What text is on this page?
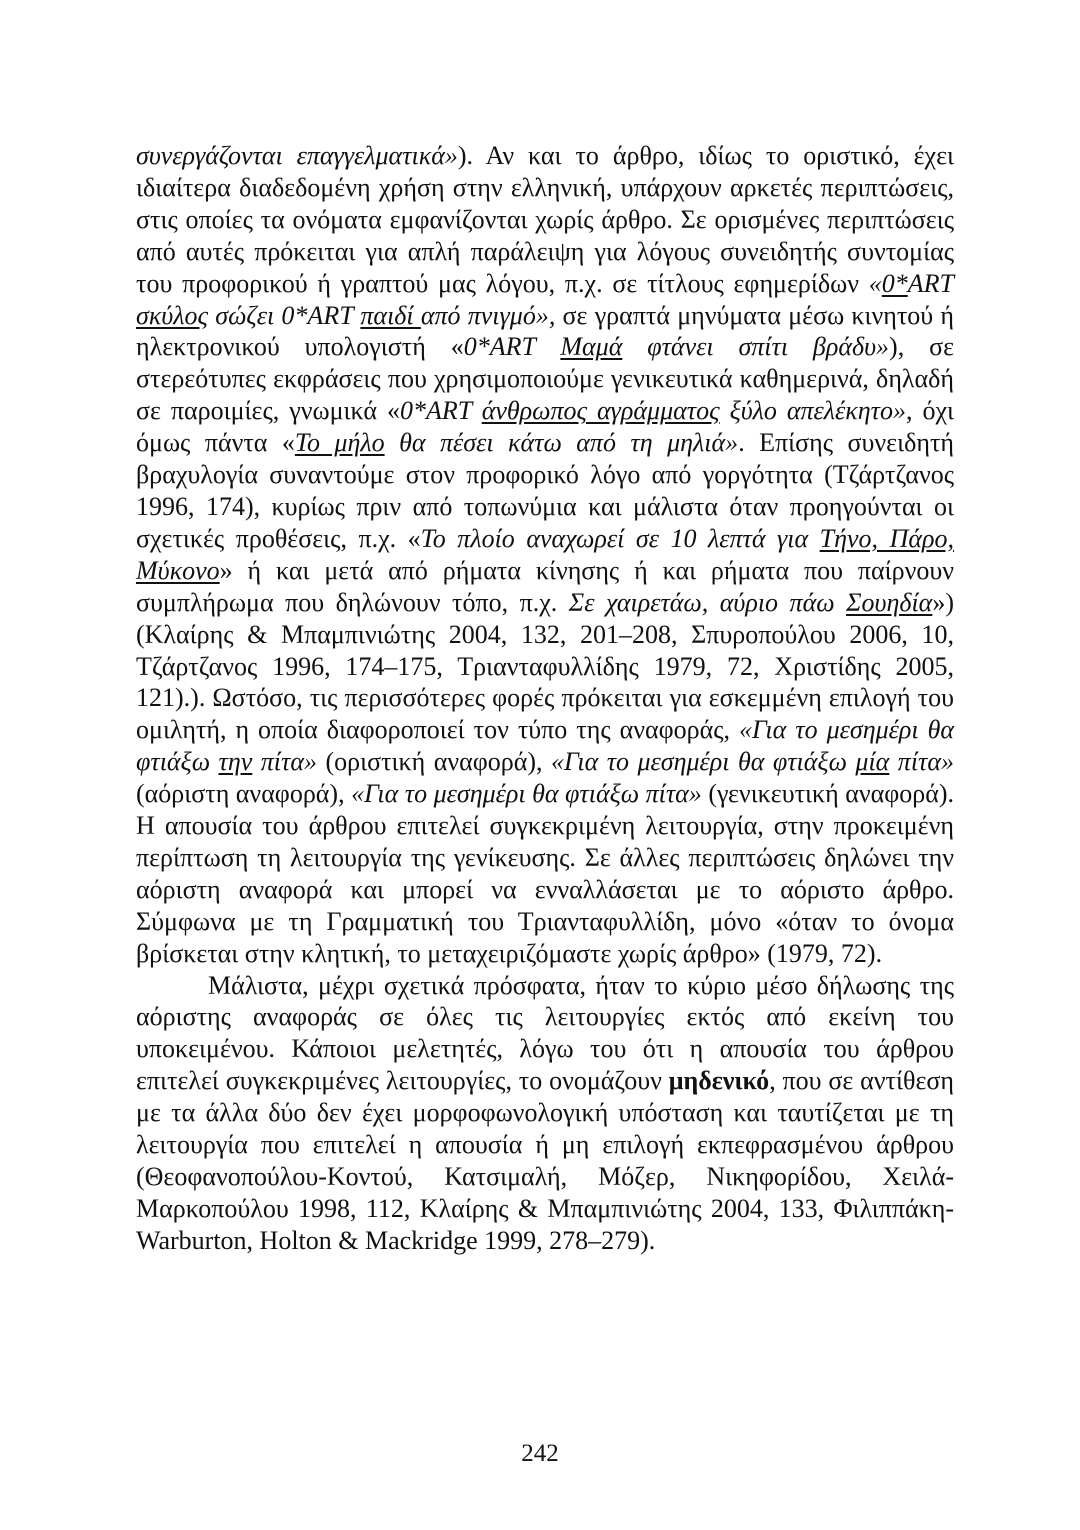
συνεργάζονται επαγγελματικά»). Αν και το άρθρο, ιδίως το οριστικό, έχει ιδιαίτερα διαδεδομένη χρήση στην ελληνική, υπάρχουν αρκετές περιπτώσεις, στις οποίες τα ονόματα εμφανίζονται χωρίς άρθρο. Σε ορισμένες περιπτώσεις από αυτές πρόκειται για απλή παράλειψη για λόγους συνειδητής συντομίας του προφορικού ή γραπτού μας λόγου, π.χ. σε τίτλους εφημερίδων «0*ART σκύλος σώζει 0*ART παιδί από πνιγμό», σε γραπτά μηνύματα μέσω κινητού ή ηλεκτρονικού υπολογιστή «0*ART Μαμά φτάνει σπίτι βράδυ»), σε στερεότυπες εκφράσεις που χρησιμοποιούμε γενικευτικά καθημερινά, δηλαδή σε παροιμίες, γνωμικά «0*ART άνθρωπος αγράμματος ξύλο απελέκητο», όχι όμως πάντα «Το μήλο θα πέσει κάτω από τη μηλιά». Επίσης συνειδητή βραχυλογία συναντούμε στον προφορικό λόγο από γοργότητα (Τζάρτζανος 1996, 174), κυρίως πριν από τοπωνύμια και μάλιστα όταν προηγούνται οι σχετικές προθέσεις, π.χ. «Το πλοίο αναχωρεί σε 10 λεπτά για Τήνο, Πάρο, Μύκονο» ή και μετά από ρήματα κίνησης ή και ρήματα που παίρνουν συμπλήρωμα που δηλώνουν τόπο, π.χ. Σε χαιρετάω, αύριο πάω Σουηδία») (Κλαίρης & Μπαμπινιώτης 2004, 132, 201–208, Σπυροπούλου 2006, 10, Τζάρτζανος 1996, 174–175, Τριανταφυλλίδης 1979, 72, Χριστίδης 2005, 121).). Ωστόσο, τις περισσότερες φορές πρόκειται για εσκεμμένη επιλογή του ομιλητή, η οποία διαφοροποιεί τον τύπο της αναφοράς, «Για το μεσημέρι θα φτιάξω την πίτα» (οριστική αναφορά), «Για το μεσημέρι θα φτιάξω μία πίτα» (αόριστη αναφορά), «Για το μεσημέρι θα φτιάξω πίτα» (γενικευτική αναφορά). Η απουσία του άρθρου επιτελεί συγκεκριμένη λειτουργία, στην προκειμένη περίπτωση τη λειτουργία της γενίκευσης. Σε άλλες περιπτώσεις δηλώνει την αόριστη αναφορά και μπορεί να ενναλλάσεται με το αόριστο άρθρο. Σύμφωνα με τη Γραμματική του Τριανταφυλλίδη, μόνο «όταν το όνομα βρίσκεται στην κλητική, το μεταχειριζόμαστε χωρίς άρθρο» (1979, 72).

Μάλιστα, μέχρι σχετικά πρόσφατα, ήταν το κύριο μέσο δήλωσης της αόριστης αναφοράς σε όλες τις λειτουργίες εκτός από εκείνη του υποκειμένου. Κάποιοι μελετητές, λόγω του ότι η απουσία του άρθρου επιτελεί συγκεκριμένες λειτουργίες, το ονομάζουν μηδενικό, που σε αντίθεση με τα άλλα δύο δεν έχει μορφοφωνολογική υπόσταση και ταυτίζεται με τη λειτουργία που επιτελεί η απουσία ή μη επιλογή εκπεφρασμένου άρθρου (Θεοφανοπούλου-Κοντού, Κατσιμαλή, Μόζερ, Νικηφορίδου, Χειλά-Μαρκοπούλου 1998, 112, Κλαίρης & Μπαμπινιώτης 2004, 133, Φιλιππάκη-Warburton, Holton & Mackridge 1999, 278–279).

242
